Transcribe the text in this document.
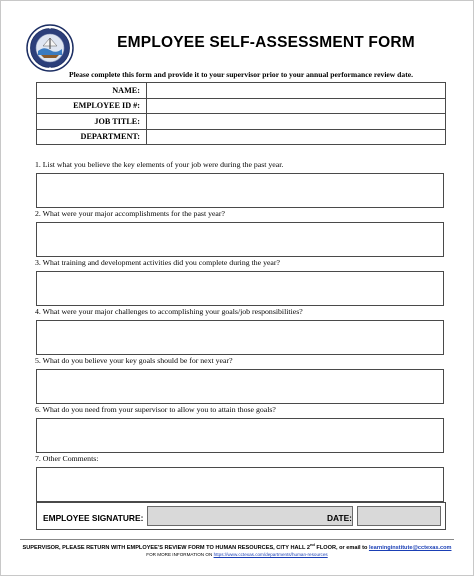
EMPLOYEE SELF-ASSESSMENT FORM
Please complete this form and provide it to your supervisor prior to your annual performance review date.
NAME:	
EMPLOYEE ID #:	
JOB TITLE:	
DEPARTMENT:	
1. List what you believe the key elements of your job were during the past year.
2. What were your major accomplishments for the past year?
3. What training and development activities did you complete during the year?
4. What were your major challenges to accomplishing your goals/job responsibilities?
5. What do you believe your key goals should be for next year?
6. What do you need from your supervisor to allow you to attain those goals?
7. Other Comments:
EMPLOYEE SIGNATURE:	DATE:
SUPERVISOR, PLEASE RETURN WITH EMPLOYEE'S REVIEW FORM TO HUMAN RESOURCES, CITY HALL 2nd FLOOR, or email to learninginstitute@cctexas.com
FOR MORE INFORMATION ON https://www.cctexas.com/departments/human-resources
